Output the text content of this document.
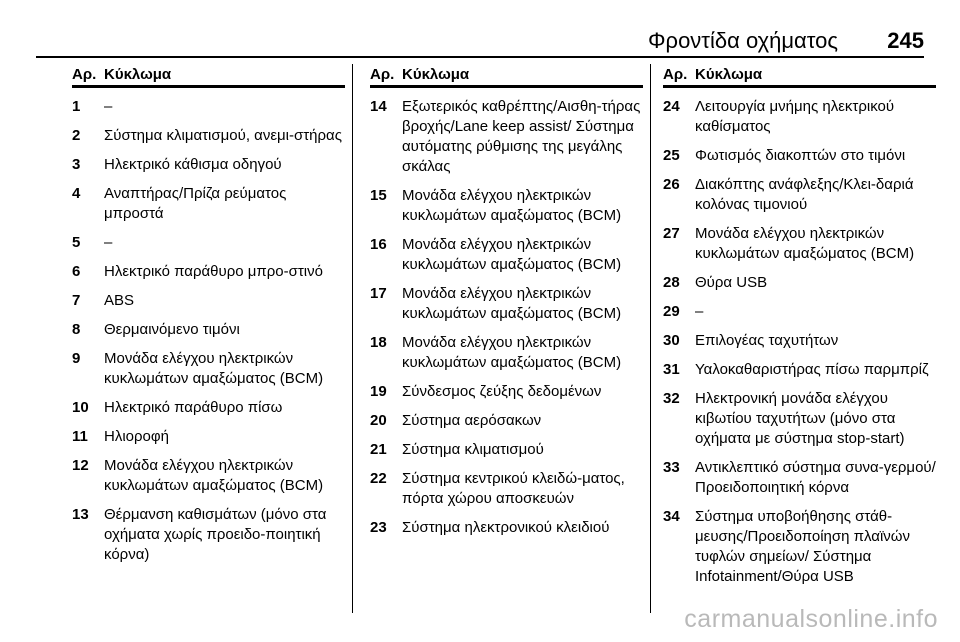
Φροντίδα οχήματος 245
Αρ. Κύκλωμα
1	–
2	Σύστημα κλιματισμού, ανεμι-στήρας
3	Ηλεκτρικό κάθισμα οδηγού
4	Αναπτήρας/Πρίζα ρεύματος μπροστά
5	–
6	Ηλεκτρικό παράθυρο μπρο-στινό
7	ABS
8	Θερμαινόμενο τιμόνι
9	Μονάδα ελέγχου ηλεκτρικών κυκλωμάτων αμαξώματος (BCM)
10	Ηλεκτρικό παράθυρο πίσω
11	Ηλιοροφή
12	Μονάδα ελέγχου ηλεκτρικών κυκλωμάτων αμαξώματος (BCM)
13	Θέρμανση καθισμάτων (μόνο στα οχήματα χωρίς προειδο-ποιητική κόρνα)
Αρ. Κύκλωμα
14	Εξωτερικός καθρέπτης/Αισθη-τήρας βροχής/Lane keep assist/ Σύστημα αυτόματης ρύθμισης της μεγάλης σκάλας
15	Μονάδα ελέγχου ηλεκτρικών κυκλωμάτων αμαξώματος (BCM)
16	Μονάδα ελέγχου ηλεκτρικών κυκλωμάτων αμαξώματος (BCM)
17	Μονάδα ελέγχου ηλεκτρικών κυκλωμάτων αμαξώματος (BCM)
18	Μονάδα ελέγχου ηλεκτρικών κυκλωμάτων αμαξώματος (BCM)
19	Σύνδεσμος ζεύξης δεδομένων
20	Σύστημα αερόσακων
21	Σύστημα κλιματισμού
22	Σύστημα κεντρικού κλειδώ-ματος, πόρτα χώρου αποσκευών
23	Σύστημα ηλεκτρονικού κλειδιού
Αρ. Κύκλωμα
24	Λειτουργία μνήμης ηλεκτρικού καθίσματος
25	Φωτισμός διακοπτών στο τιμόνι
26	Διακόπτης ανάφλεξης/Κλει-δαριά κολόνας τιμονιού
27	Μονάδα ελέγχου ηλεκτρικών κυκλωμάτων αμαξώματος (BCM)
28	Θύρα USB
29	–
30	Επιλογέας ταχυτήτων
31	Υαλοκαθαριστήρας πίσω παρμπρίζ
32	Ηλεκτρονική μονάδα ελέγχου κιβωτίου ταχυτήτων (μόνο στα οχήματα με σύστημα stop-start)
33	Αντικλεπτικό σύστημα συνα-γερμού/Προειδοποιητική κόρνα
34	Σύστημα υποβοήθησης στάθ-μευσης/Προειδοποίηση πλαϊνών τυφλών σημείων/ Σύστημα Infotainment/Θύρα USB
carmanualsonline.info
